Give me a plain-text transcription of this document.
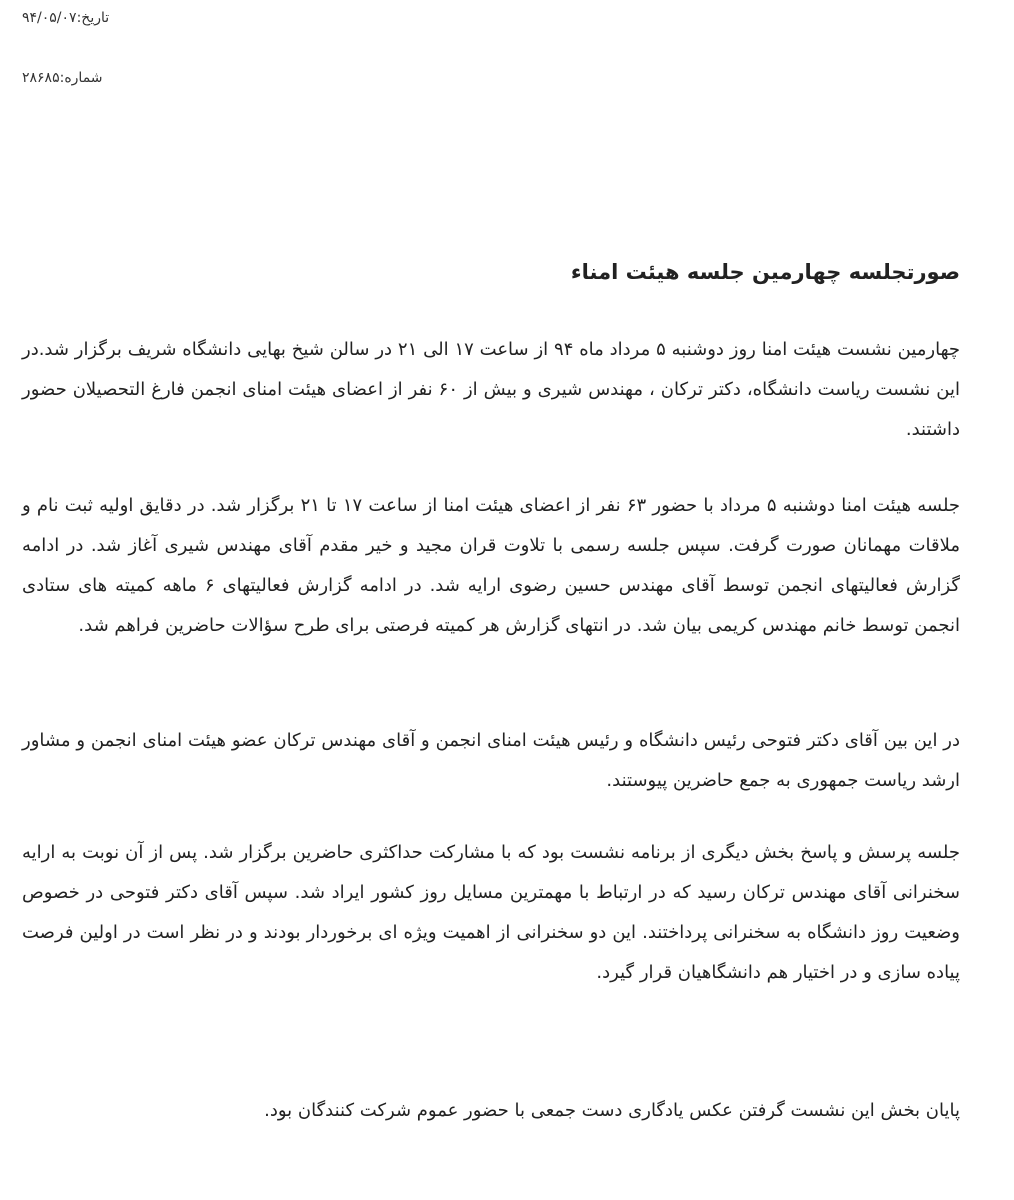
تاریخ:۹۴/۰۵/۰۷
شماره:۲۸۶۸۵
صورتجلسه چهارمین جلسه هیئت امناء

چهارمین نشست هیئت امنا روز دوشنبه ۵ مرداد ماه ۹۴ از ساعت ۱۷ الی ۲۱ در سالن شیخ بهایی دانشگاه شریف برگزار شد.در این نشست ریاست دانشگاه، دکتر ترکان ، مهندس شیری و بیش از ۶۰ نفر از اعضای هیئت امنای انجمن فارغ التحصیلان حضور داشتند.

جلسه هیئت امنا دوشنبه ۵ مرداد با حضور ۶۳ نفر از اعضای هیئت امنا از ساعت ۱۷ تا ۲۱ برگزار شد. در دقایق اولیه ثبت نام و ملاقات مهمانان صورت گرفت. سپس جلسه رسمی با تلاوت قران مجید و خیر مقدم آقای مهندس شیری آغاز شد. در ادامه گزارش فعالیتهای انجمن توسط آقای مهندس حسین رضوی ارایه شد. در ادامه گزارش فعالیتهای ۶ ماهه کمیته های ستادی انجمن توسط خانم مهندس کریمی بیان شد. در انتهای گزارش هر کمیته فرصتی برای طرح سؤالات حاضرین فراهم شد.

در این بین آقای دکتر فتوحی رئیس دانشگاه و رئیس هیئت امنای انجمن و آقای مهندس ترکان عضو هیئت امنای انجمن و مشاور ارشد ریاست جمهوری به جمع حاضرین پیوستند.

جلسه پرسش و پاسخ بخش دیگری از برنامه نشست بود که با مشارکت حداکثری حاضرین برگزار شد. پس از آن نوبت به ارایه سخنرانی آقای مهندس ترکان رسید که در ارتباط با مهمترین مسایل روز کشور ایراد شد. سپس آقای دکتر فتوحی در خصوص وضعیت روز دانشگاه به سخنرانی پرداختند. این دو سخنرانی از اهمیت ویژه ای برخوردار بودند و در نظر است در اولین فرصت پیاده سازی و در اختیار هم دانشگاهیان قرار گیرد.

پایان بخش این نشست گرفتن عکس یادگاری دست جمعی با حضور عموم شرکت کنندگان بود.
